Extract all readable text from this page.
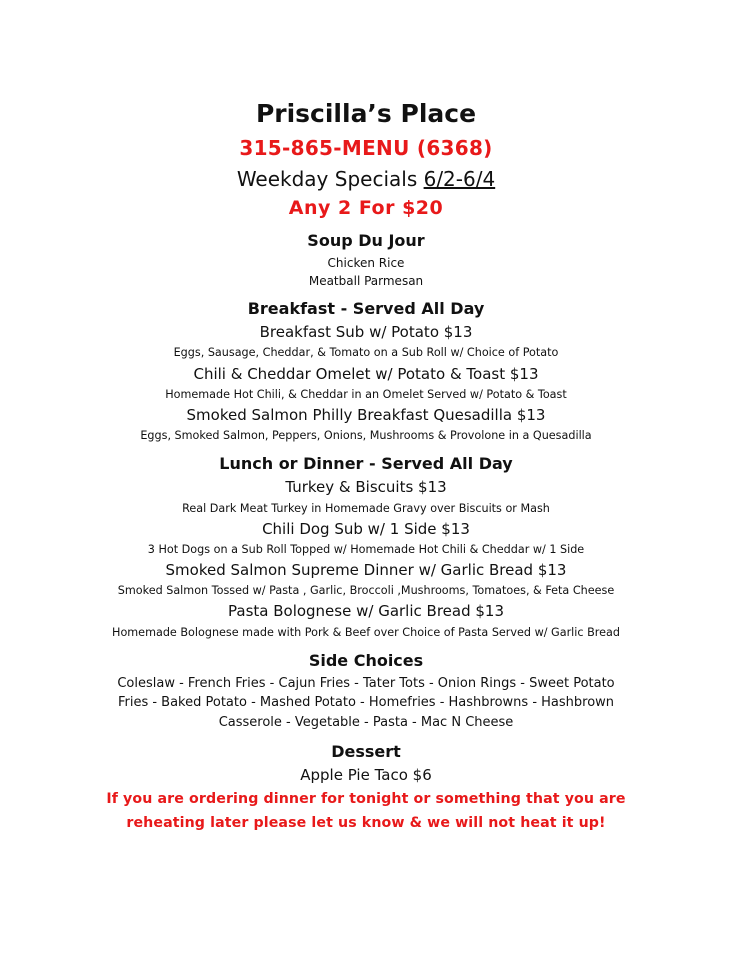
Priscilla’s Place
315-865-MENU (6368)
Weekday Specials 6/2-6/4
Any 2 For $20
Soup Du Jour
Chicken Rice
Meatball Parmesan
Breakfast - Served All Day
Breakfast Sub w/ Potato $13
Eggs, Sausage, Cheddar, & Tomato on a Sub Roll w/ Choice of Potato
Chili & Cheddar Omelet w/ Potato & Toast $13
Homemade Hot Chili, & Cheddar in an Omelet Served w/ Potato & Toast
Smoked Salmon Philly Breakfast Quesadilla $13
Eggs, Smoked Salmon, Peppers, Onions, Mushrooms & Provolone in a Quesadilla
Lunch or Dinner - Served All Day
Turkey & Biscuits $13
Real Dark Meat Turkey in Homemade Gravy over Biscuits or Mash
Chili Dog Sub w/ 1 Side $13
3 Hot Dogs on a Sub Roll Topped w/ Homemade Hot Chili & Cheddar w/ 1 Side
Smoked Salmon Supreme Dinner w/ Garlic Bread $13
Smoked Salmon Tossed w/ Pasta , Garlic, Broccoli ,Mushrooms, Tomatoes, & Feta Cheese
Pasta Bolognese w/ Garlic Bread $13
Homemade Bolognese made with Pork & Beef over Choice of Pasta Served w/ Garlic Bread
Side Choices
Coleslaw - French Fries - Cajun Fries - Tater Tots - Onion Rings - Sweet Potato
Fries - Baked Potato - Mashed Potato - Homefries - Hashbrowns - Hashbrown
Casserole - Vegetable - Pasta - Mac N Cheese
Dessert
Apple Pie Taco $6
If you are ordering dinner for tonight or something that you are
reheating later please let us know & we will not heat it up!
